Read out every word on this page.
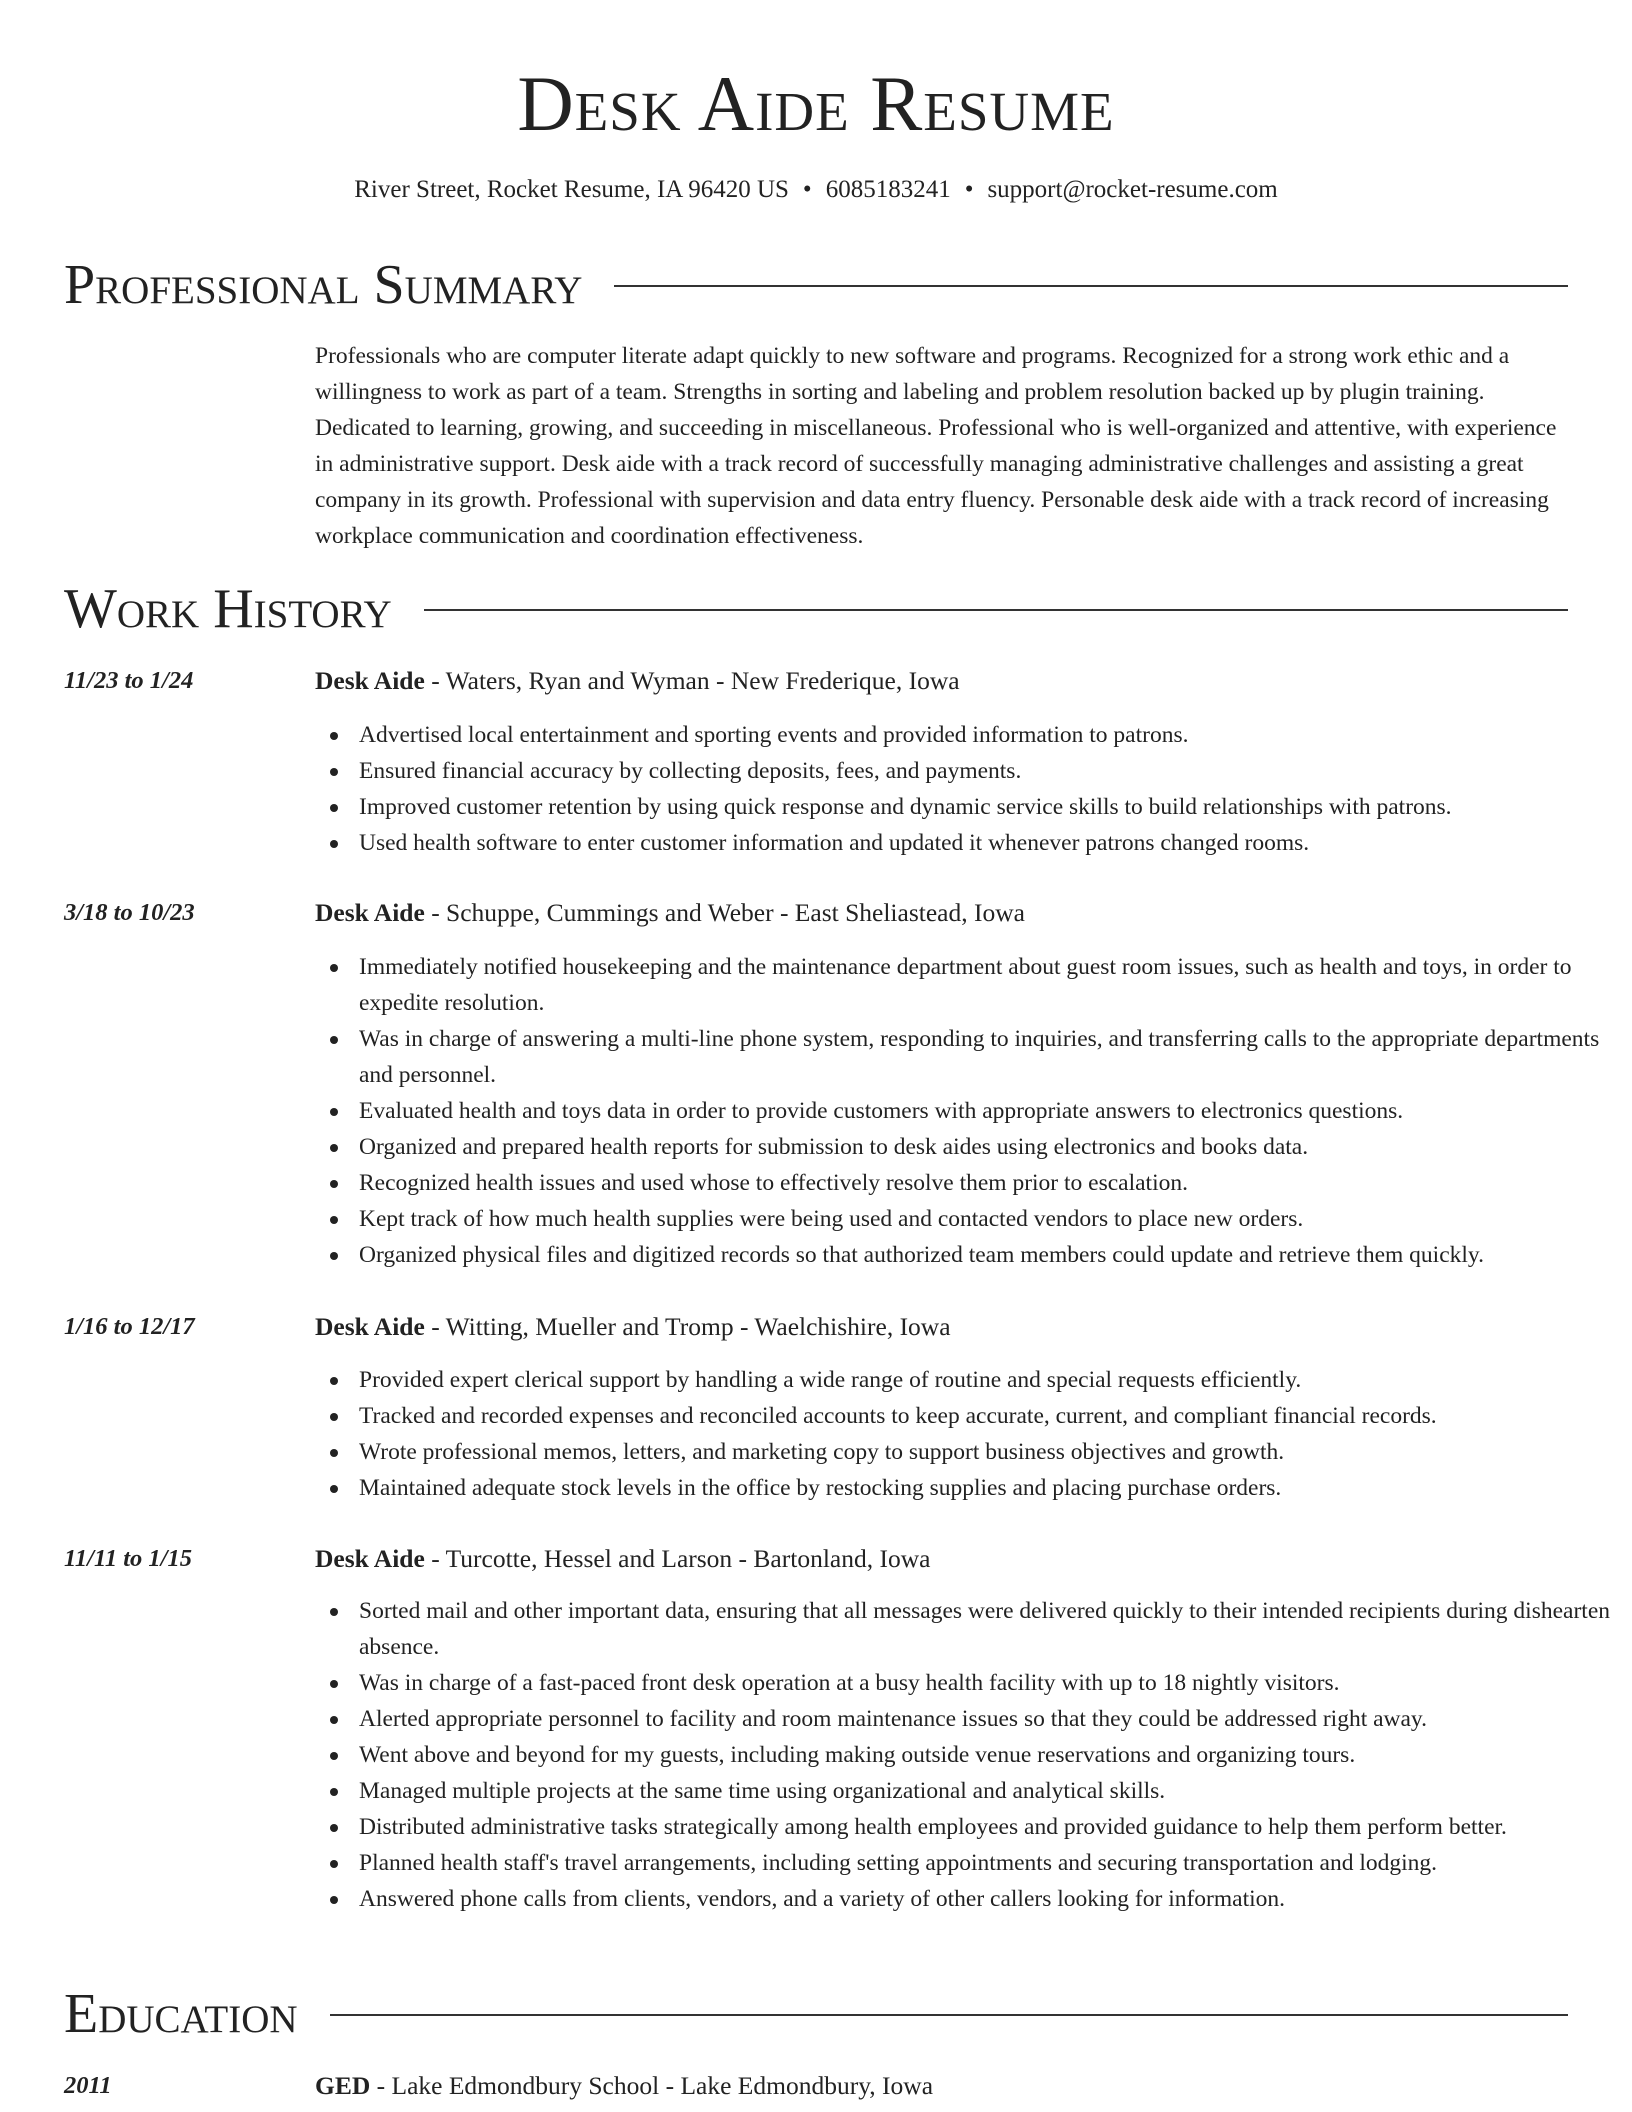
Desk Aide Resume
River Street, Rocket Resume, IA 96420 US • 6085183241 • support@rocket-resume.com
Professional Summary

Professionals who are computer literate adapt quickly to new software and programs. Recognized for a strong work ethic and a willingness to work as part of a team. Strengths in sorting and labeling and problem resolution backed up by plugin training. Dedicated to learning, growing, and succeeding in miscellaneous. Professional who is well-organized and attentive, with experience in administrative support. Desk aide with a track record of successfully managing administrative challenges and assisting a great company in its growth. Professional with supervision and data entry fluency. Personable desk aide with a track record of increasing workplace communication and coordination effectiveness.

Work History
11/23 to 1/24	Desk Aide - Waters, Ryan and Wyman - New Frederique, Iowa
Advertised local entertainment and sporting events and provided information to patrons.
Ensured financial accuracy by collecting deposits, fees, and payments.
Improved customer retention by using quick response and dynamic service skills to build relationships with patrons.
Used health software to enter customer information and updated it whenever patrons changed rooms.
3/18 to 10/23	Desk Aide - Schuppe, Cummings and Weber - East Sheliastead, Iowa
Immediately notified housekeeping and the maintenance department about guest room issues, such as health and toys, in order to expedite resolution.
Was in charge of answering a multi-line phone system, responding to inquiries, and transferring calls to the appropriate departments and personnel.
Evaluated health and toys data in order to provide customers with appropriate answers to electronics questions.
Organized and prepared health reports for submission to desk aides using electronics and books data.
Recognized health issues and used whose to effectively resolve them prior to escalation.
Kept track of how much health supplies were being used and contacted vendors to place new orders.
Organized physical files and digitized records so that authorized team members could update and retrieve them quickly.
1/16 to 12/17	Desk Aide - Witting, Mueller and Tromp - Waelchishire, Iowa
Provided expert clerical support by handling a wide range of routine and special requests efficiently.
Tracked and recorded expenses and reconciled accounts to keep accurate, current, and compliant financial records.
Wrote professional memos, letters, and marketing copy to support business objectives and growth.
Maintained adequate stock levels in the office by restocking supplies and placing purchase orders.
11/11 to 1/15	Desk Aide - Turcotte, Hessel and Larson - Bartonland, Iowa
Sorted mail and other important data, ensuring that all messages were delivered quickly to their intended recipients during dishearten absence.
Was in charge of a fast-paced front desk operation at a busy health facility with up to 18 nightly visitors.
Alerted appropriate personnel to facility and room maintenance issues so that they could be addressed right away.
Went above and beyond for my guests, including making outside venue reservations and organizing tours.
Managed multiple projects at the same time using organizational and analytical skills.
Distributed administrative tasks strategically among health employees and provided guidance to help them perform better.
Planned health staff's travel arrangements, including setting appointments and securing transportation and lodging.
Answered phone calls from clients, vendors, and a variety of other callers looking for information.
Education
2011	GED - Lake Edmondbury School - Lake Edmondbury, Iowa
